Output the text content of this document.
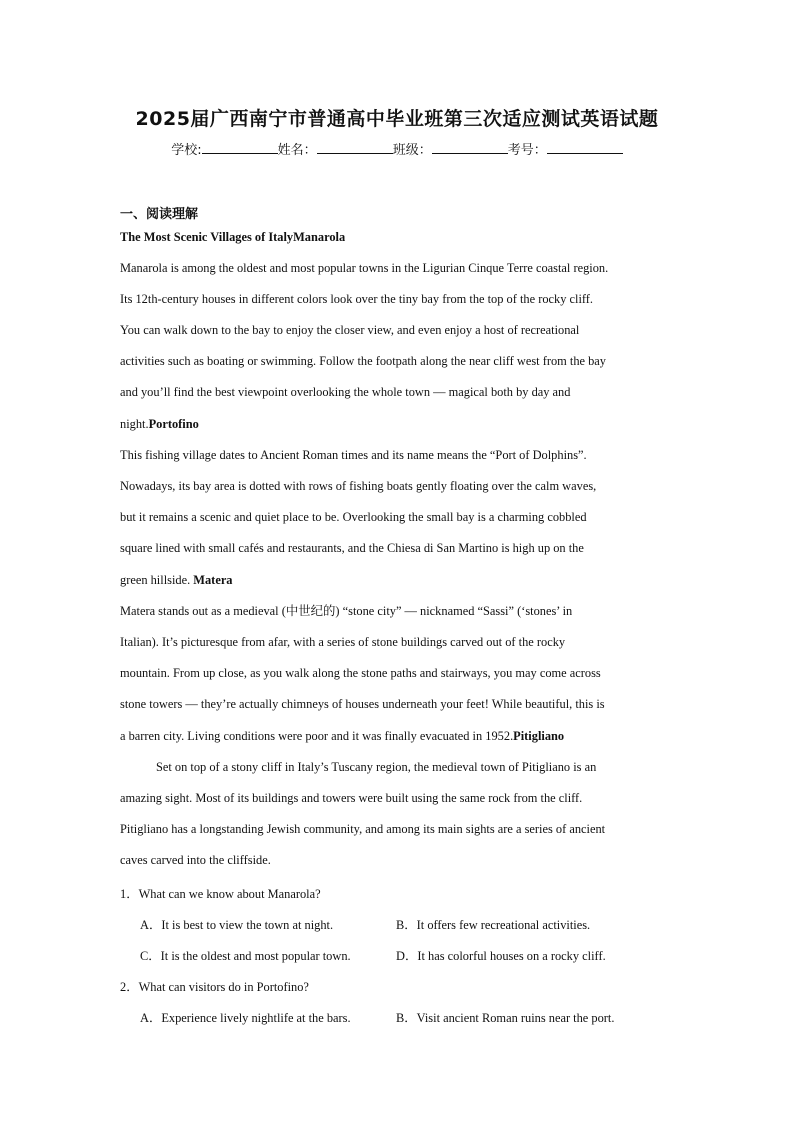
2025届广西南宁市普通高中毕业班第三次适应测试英语试题
学校:	姓名：	班级：	考号：
一、阅读理解
The Most Scenic Villages of ItalyManarola
Manarola is among the oldest and most popular towns in the Ligurian Cinque Terre coastal region.
Its 12th-century houses in different colors look over the tiny bay from the top of the rocky cliff.
You can walk down to the bay to enjoy the closer view, and even enjoy a host of recreational
activities such as boating or swimming. Follow the footpath along the near cliff west from the bay
and you’ll find the best viewpoint overlooking the whole town — magical both by day and
night.Portofino
This fishing village dates to Ancient Roman times and its name means the “Port of Dolphins”.
Nowadays, its bay area is dotted with rows of fishing boats gently floating over the calm waves,
but it remains a scenic and quiet place to be. Overlooking the small bay is a charming cobbled
square lined with small cafés and restaurants, and the Chiesa di San Martino is high up on the
green hillside. Matera
Matera stands out as a medieval (中世纪的) “stone city” — nicknamed “Sassi” (‘stones’ in
Italian). It’s picturesque from afar, with a series of stone buildings carved out of the rocky
mountain. From up close, as you walk along the stone paths and stairways, you may come across
stone towers — they’re actually chimneys of houses underneath your feet! While beautiful, this is
a barren city. Living conditions were poor and it was finally evacuated in 1952.Pitigliano
Set on top of a stony cliff in Italy’s Tuscany region, the medieval town of Pitigliano is an
amazing sight. Most of its buildings and towers were built using the same rock from the cliff.
Pitigliano has a longstanding Jewish community, and among its main sights are a series of ancient
caves carved into the cliffside.
1．What can we know about Manarola?
A．It is best to view the town at night.	B．It offers few recreational activities.
C．It is the oldest and most popular town.	D．It has colorful houses on a rocky cliff.
2．What can visitors do in Portofino?
A．Experience lively nightlife at the bars.	B．Visit ancient Roman ruins near the port.
